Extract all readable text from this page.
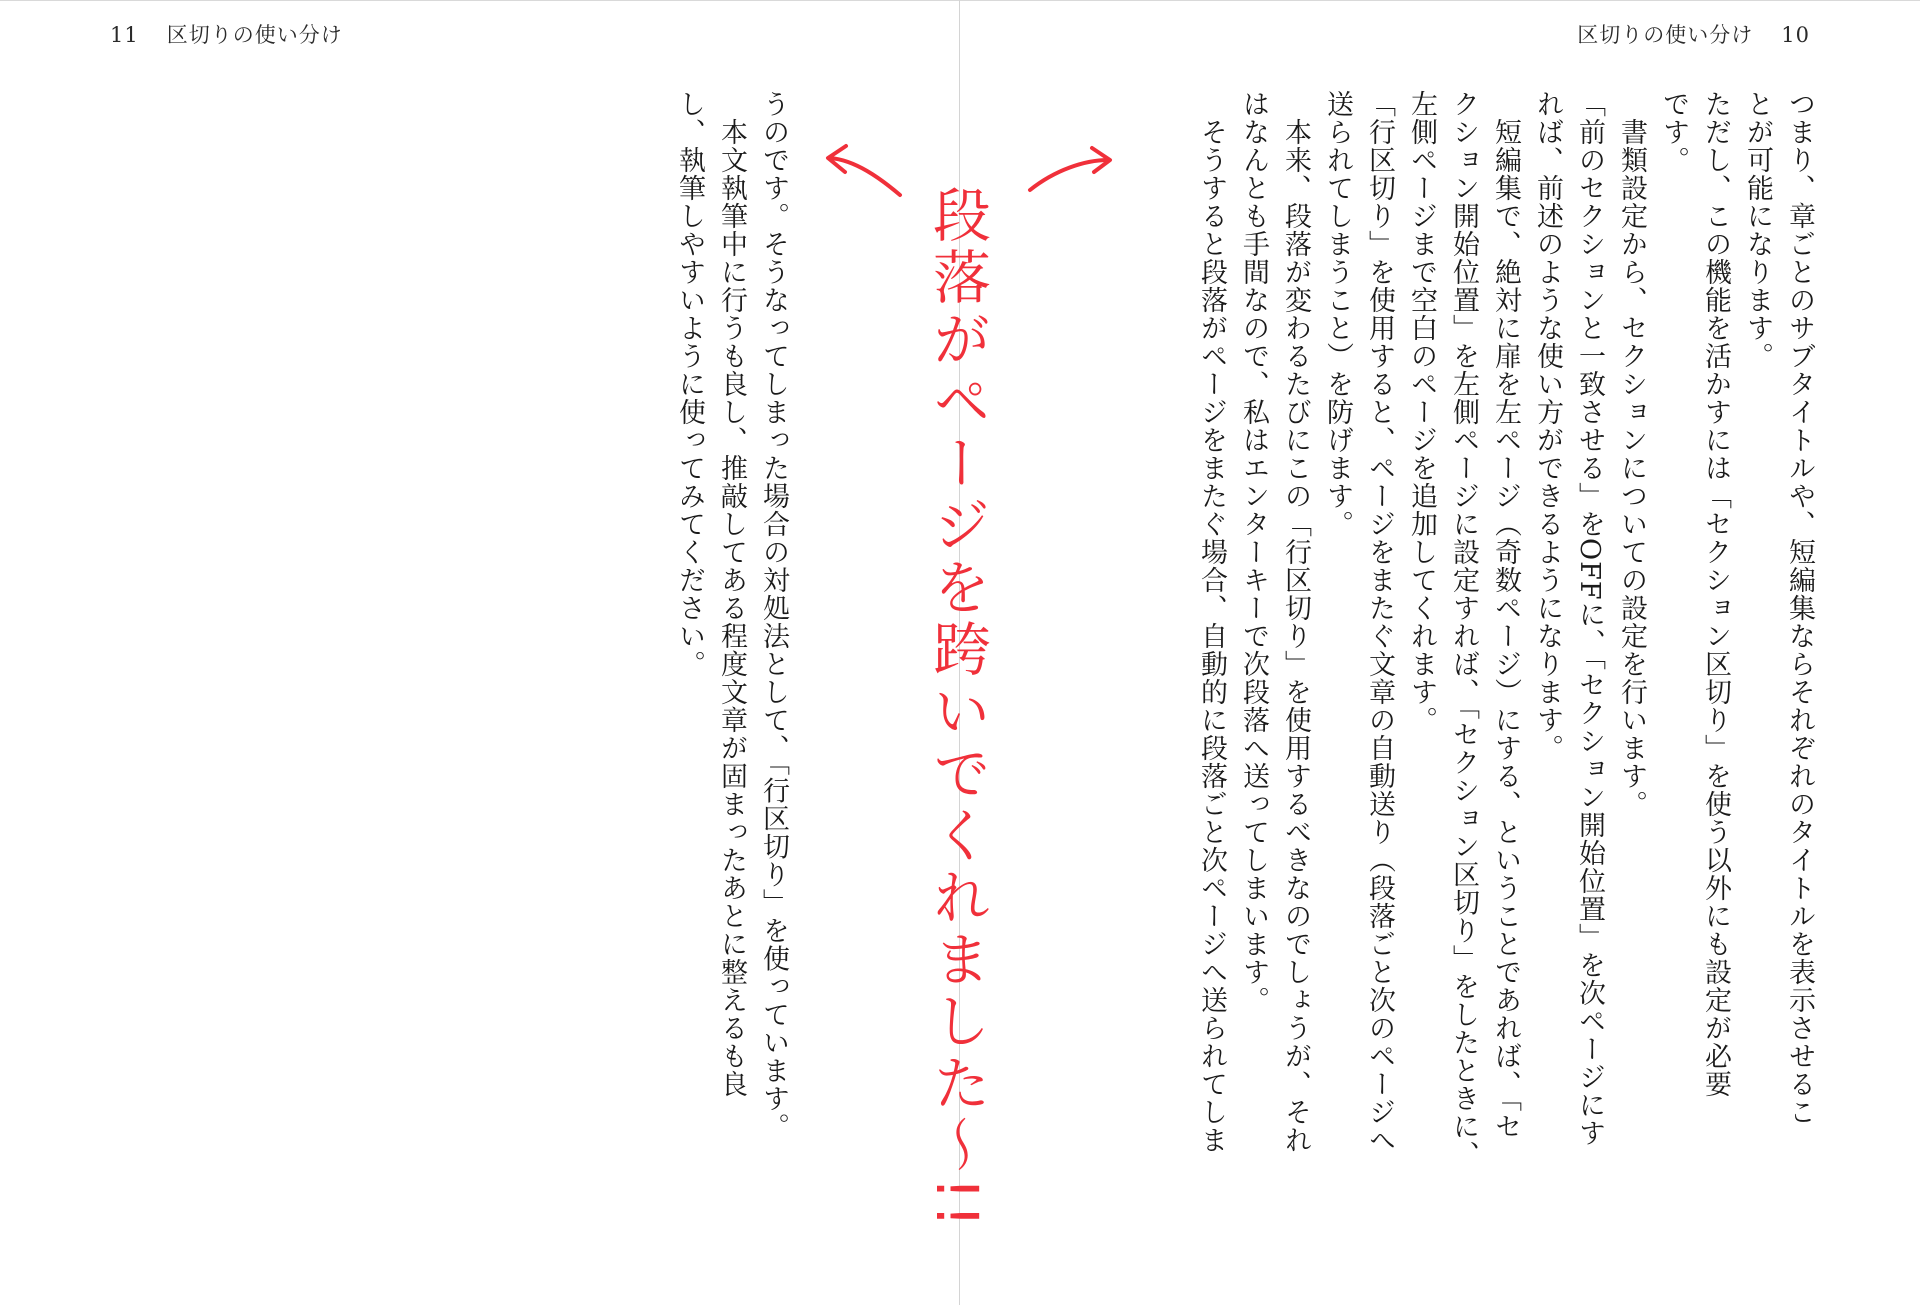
11 区切りの使い分け
うのです。そうなってしまった場合の対処法として、「行区切り」を使っています。
　本文執筆中に行うも良し、推敲してある程度文章が固まったあとに整えるも良
し、執筆しやすいように使ってみてください。
区切りの使い分け 10
つまり、章ごとのサブタイトルや、短編集ならそれぞれのタイトルを表示させるこ
とが可能になります。
ただし、この機能を活かすには「セクション区切り」を使う以外にも設定が必要
です。
　書類設定から、セクションについての設定を行います。
「前のセクションと一致させる」をOFFに、「セクション開始位置」を次ページにす
れば、前述のような使い方ができるようになります。
　短編集で、絶対に扉を左ページ（奇数ページ）にする、ということであれば、「セ
クション開始位置」を左側ページに設定すれば、「セクション区切り」をしたときに、
左側ページまで空白のページを追加してくれます。
「行区切り」を使用すると、ページをまたぐ文章の自動送り（段落ごと次のページへ
送られてしまうこと）を防げます。
　本来、段落が変わるたびにこの「行区切り」を使用するべきなのでしょうが、それ
はなんとも手間なので、私はエンターキーで次段落へ送ってしまいます。
　そうすると段落がページをまたぐ場合、自動的に段落ごと次ページへ送られてしま
段落がページを跨いでくれました〜!!
